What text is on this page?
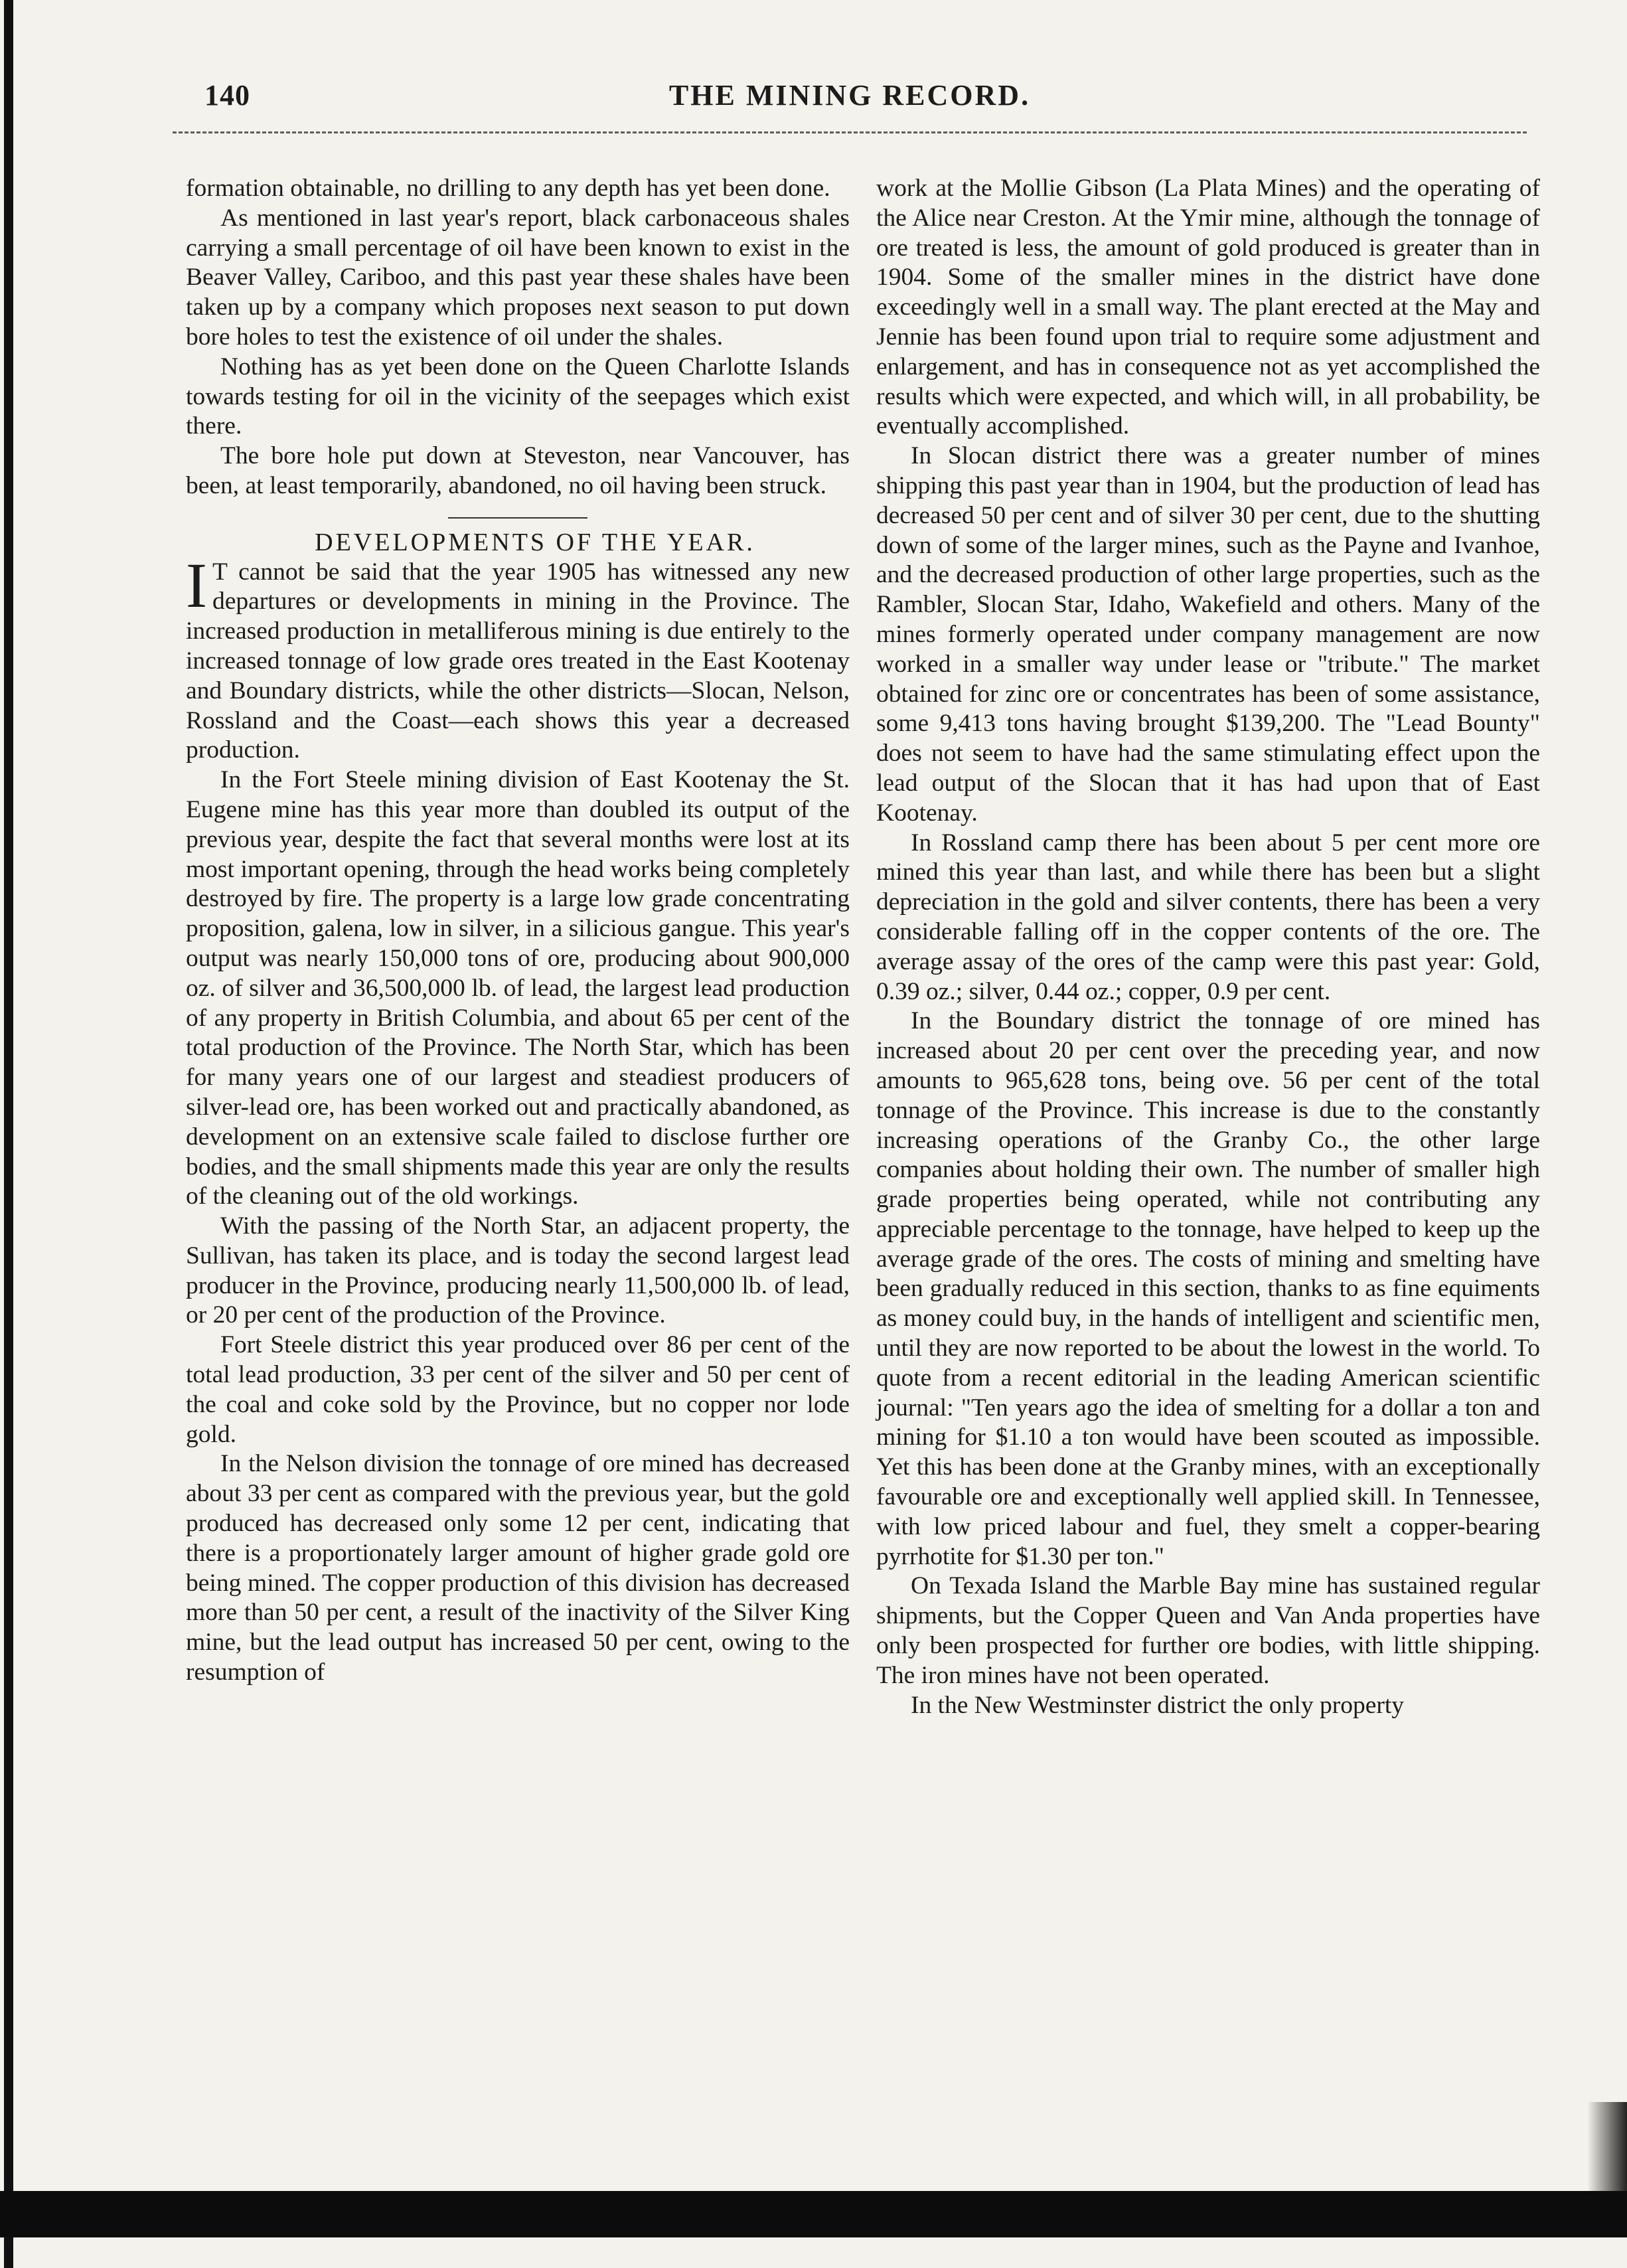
140	THE MINING RECORD.

formation obtainable, no drilling to any depth has yet been done.

As mentioned in last year's report, black carbonaceous shales carrying a small percentage of oil have been known to exist in the Beaver Valley, Cariboo, and this past year these shales have been taken up by a company which proposes next season to put down bore holes to test the existence of oil under the shales.

Nothing has as yet been done on the Queen Charlotte Islands towards testing for oil in the vicinity of the seepages which exist there.

The bore hole put down at Steveston, near Vancouver, has been, at least temporarily, abandoned, no oil having been struck.

DEVELOPMENTS OF THE YEAR.

I T cannot be said that the year 1905 has witnessed any new departures or developments in mining in the Province. The increased production in metalliferous mining is due entirely to the increased tonnage of low grade ores treated in the East Kootenay and Boundary districts, while the other districts—Slocan, Nelson, Rossland and the Coast—each shows this year a decreased production.

In the Fort Steele mining division of East Kootenay the St. Eugene mine has this year more than doubled its output of the previous year, despite the fact that several months were lost at its most important opening, through the head works being completely destroyed by fire. The property is a large low grade concentrating proposition, galena, low in silver, in a silicious gangue. This year's output was nearly 150,000 tons of ore, producing about 900,000 oz. of silver and 36,500,000 lb. of lead, the largest lead production of any property in British Columbia, and about 65 per cent of the total production of the Province. The North Star, which has been for many years one of our largest and steadiest producers of silver-lead ore, has been worked out and practically abandoned, as development on an extensive scale failed to disclose further ore bodies, and the small shipments made this year are only the results of the cleaning out of the old workings.

With the passing of the North Star, an adjacent property, the Sullivan, has taken its place, and is today the second largest lead producer in the Province, producing nearly 11,500,000 lb. of lead, or 20 per cent of the production of the Province.

Fort Steele district this year produced over 86 per cent of the total lead production, 33 per cent of the silver and 50 per cent of the coal and coke sold by the Province, but no copper nor lode gold.

In the Nelson division the tonnage of ore mined has decreased about 33 per cent as compared with the previous year, but the gold produced has decreased only some 12 per cent, indicating that there is a proportionately larger amount of higher grade gold ore being mined. The copper production of this division has decreased more than 50 per cent, a result of the inactivity of the Silver King mine, but the lead output has increased 50 per cent, owing to the resumption of

work at the Mollie Gibson (La Plata Mines) and the operating of the Alice near Creston. At the Ymir mine, although the tonnage of ore treated is less, the amount of gold produced is greater than in 1904. Some of the smaller mines in the district have done exceedingly well in a small way. The plant erected at the May and Jennie has been found upon trial to require some adjustment and enlargement, and has in consequence not as yet accomplished the results which were expected, and which will, in all probability, be eventually accomplished.

In Slocan district there was a greater number of mines shipping this past year than in 1904, but the production of lead has decreased 50 per cent and of silver 30 per cent, due to the shutting down of some of the larger mines, such as the Payne and Ivanhoe, and the decreased production of other large properties, such as the Rambler, Slocan Star, Idaho, Wakefield and others. Many of the mines formerly operated under company management are now worked in a smaller way under lease or "tribute." The market obtained for zinc ore or concentrates has been of some assistance, some 9,413 tons having brought $139,200. The "Lead Bounty" does not seem to have had the same stimulating effect upon the lead output of the Slocan that it has had upon that of East Kootenay.

In Rossland camp there has been about 5 per cent more ore mined this year than last, and while there has been but a slight depreciation in the gold and silver contents, there has been a very considerable falling off in the copper contents of the ore. The average assay of the ores of the camp were this past year: Gold, 0.39 oz.; silver, 0.44 oz.; copper, 0.9 per cent.

In the Boundary district the tonnage of ore mined has increased about 20 per cent over the preceding year, and now amounts to 965,628 tons, being ove. 56 per cent of the total tonnage of the Province. This increase is due to the constantly increasing operations of the Granby Co., the other large companies about holding their own. The number of smaller high grade properties being operated, while not contributing any appreciable percentage to the tonnage, have helped to keep up the average grade of the ores. The costs of mining and smelting have been gradually reduced in this section, thanks to as fine equiments as money could buy, in the hands of intelligent and scientific men, until they are now reported to be about the lowest in the world. To quote from a recent editorial in the leading American scientific journal: "Ten years ago the idea of smelting for a dollar a ton and mining for $1.10 a ton would have been scouted as impossible. Yet this has been done at the Granby mines, with an exceptionally favourable ore and exceptionally well applied skill. In Tennessee, with low priced labour and fuel, they smelt a copper-bearing pyrrhotite for $1.30 per ton."

On Texada Island the Marble Bay mine has sustained regular shipments, but the Copper Queen and Van Anda properties have only been prospected for further ore bodies, with little shipping. The iron mines have not been operated.

In the New Westminster district the only property
